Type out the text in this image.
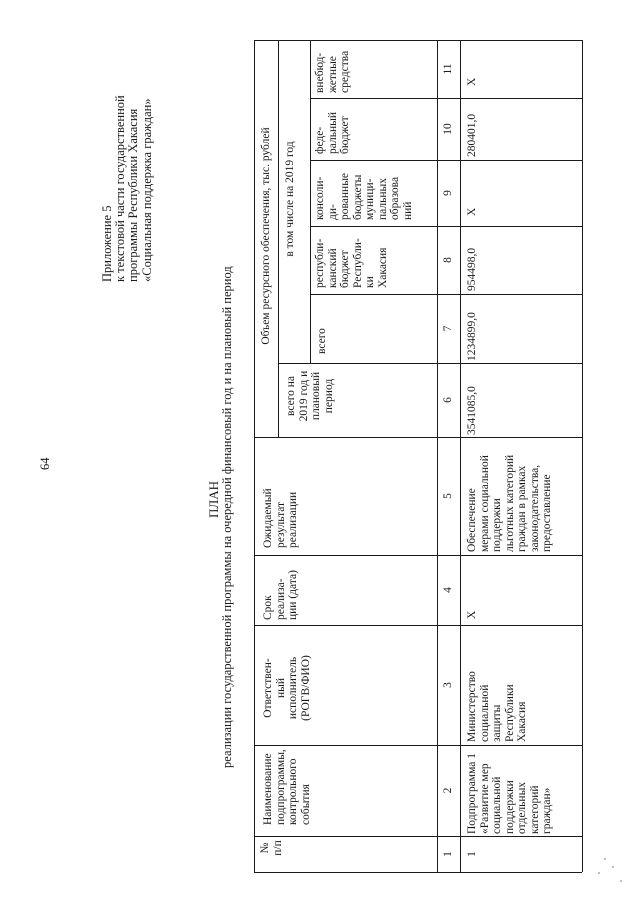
64
Приложение 5 к текстовой части государственной программы Республики Хакасия «Социальная поддержка граждан»
ПЛАН реализации государственной программы на очередной финансовый год и на плановый период
№ п/п
Наименование подпрограммы, контрольного события
Ответствен- ный исполнитель (РОГВ/ФИО)
Срок реализа- ции (дата)
Ожидаемый результат реализации
Объем ресурсного обеспечения, тыс. рублей
всего на 2019 год и плановый период
в том числе на 2019 год
всего
республи- канский бюджет Республи- ки Хакасия
консоли- ди- рованные бюджеты муници- пальных образова ний
феде- ральный бюджет
внебюд- жетные средства
1
2
3
4
5
6
7
8
9
10
11
1
Подпрограмма 1 «Развитие мер социальной поддержки отдельных категорий граждан»
Министерство социальной защиты Республики Хакасия
X
Обеспечение мерами социальной поддержки льготных категорий граждан в рамках законодательства, предоставление
3541085,0
1234899,0
954498,0
X
280401,0
X
